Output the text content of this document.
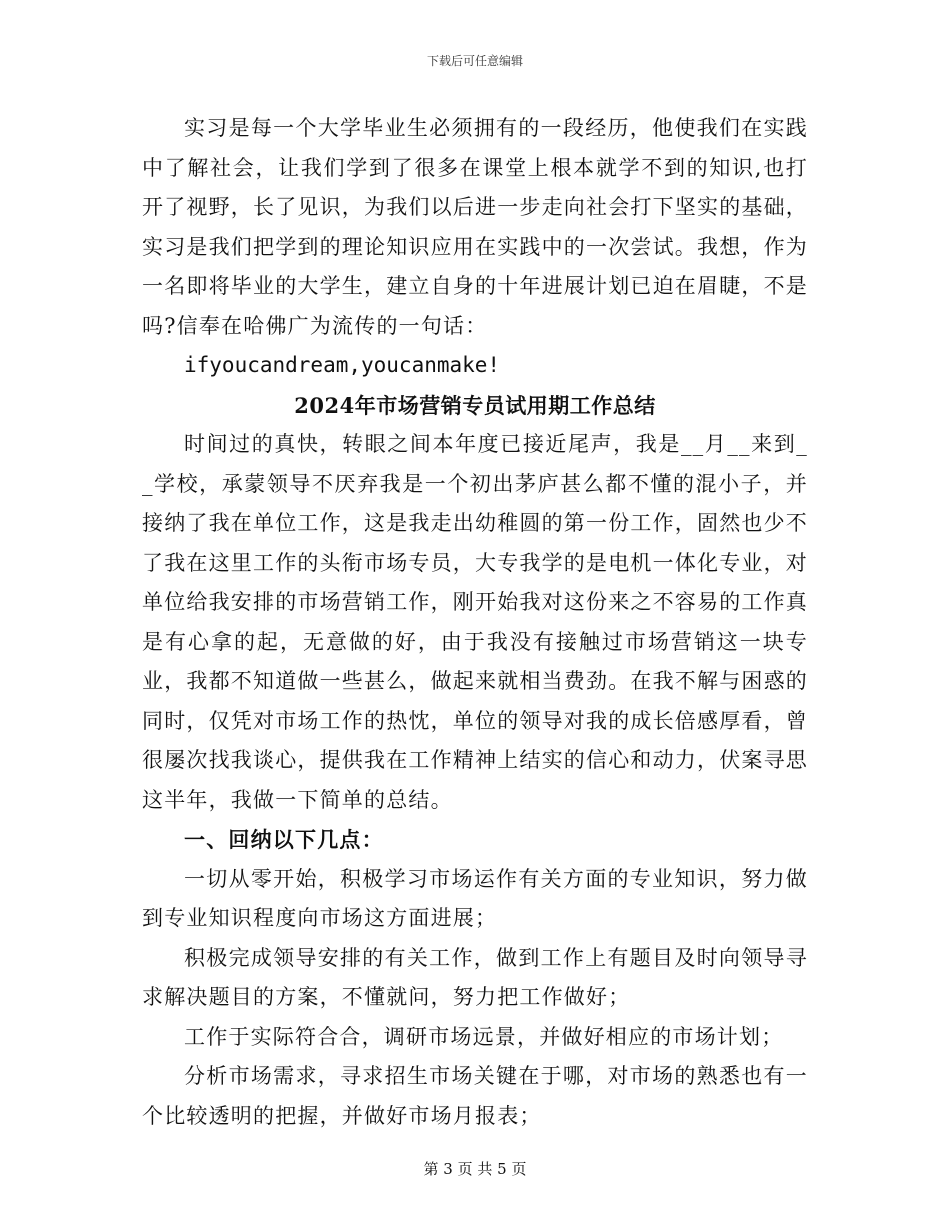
下载后可任意编辑

实习是每一个大学毕业生必须拥有的一段经历，他使我们在实践中了解社会，让我们学到了很多在课堂上根本就学不到的知识,也打开了视野，长了见识，为我们以后进一步走向社会打下坚实的基础，实习是我们把学到的理论知识应用在实践中的一次尝试。我想，作为一名即将毕业的大学生，建立自身的十年进展计划已迫在眉睫，不是吗?信奉在哈佛广为流传的一句话：

ifyoucandream,youcanmake!

2024年市场营销专员试用期工作总结

时间过的真快，转眼之间本年度已接近尾声，我是__月__来到__学校，承蒙领导不厌弃我是一个初出茅庐甚么都不懂的混小子，并接纳了我在单位工作，这是我走出幼稚圆的第一份工作，固然也少不了我在这里工作的头衔市场专员，大专我学的是电机一体化专业，对单位给我安排的市场营销工作，刚开始我对这份来之不容易的工作真是有心拿的起，无意做的好，由于我没有接触过市场营销这一块专业，我都不知道做一些甚么，做起来就相当费劲。在我不解与困惑的同时，仅凭对市场工作的热忱，单位的领导对我的成长倍感厚看，曾很屡次找我谈心，提供我在工作精神上结实的信心和动力，伏案寻思这半年，我做一下简单的总结。

一、回纳以下几点：

一切从零开始，积极学习市场运作有关方面的专业知识，努力做到专业知识程度向市场这方面进展；

积极完成领导安排的有关工作，做到工作上有题目及时向领导寻求解决题目的方案，不懂就问，努力把工作做好；

工作于实际符合合，调研市场远景，并做好相应的市场计划；

分析市场需求，寻求招生市场关键在于哪，对市场的熟悉也有一个比较透明的把握，并做好市场月报表；

第 3 页 共 5 页
